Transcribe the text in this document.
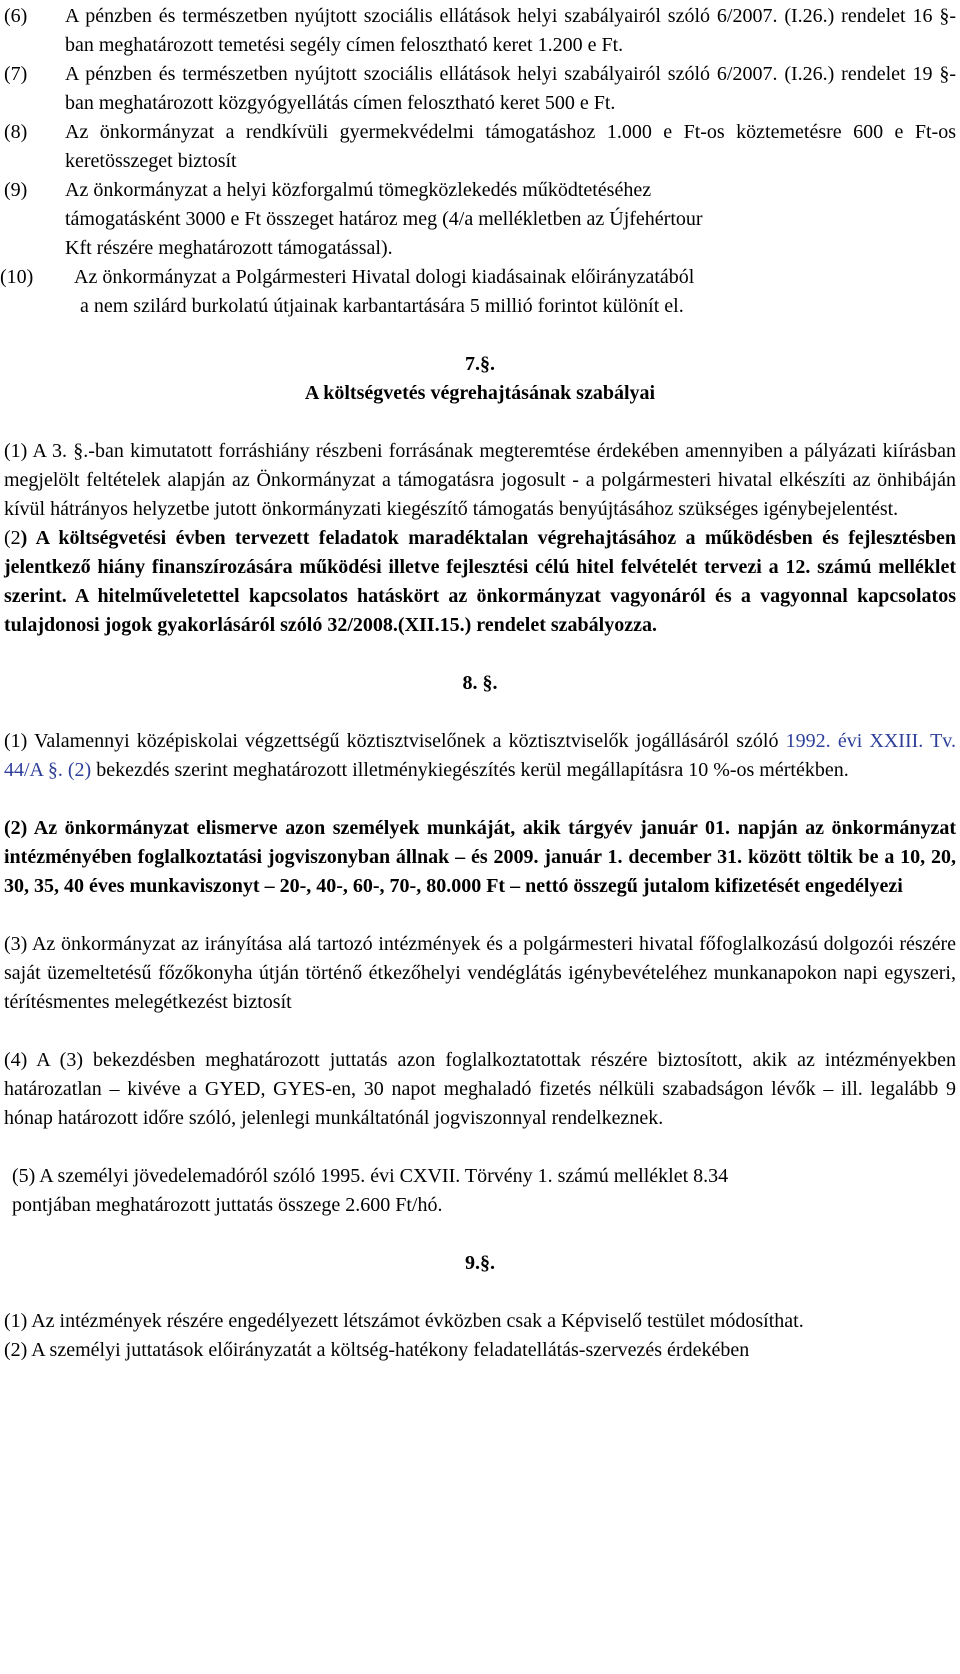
(6)	A pénzben és természetben nyújtott szociális ellátások helyi szabályairól szóló 6/2007. (I.26.) rendelet 16 §-ban meghatározott temetési segély címen felosztható keret 1.200 e Ft.
(7)	A pénzben és természetben nyújtott szociális ellátások helyi szabályairól szóló 6/2007. (I.26.) rendelet 19 §-ban meghatározott közgyógyellátás címen felosztható keret 500 e Ft.
(8)	Az önkormányzat a rendkívüli gyermekvédelmi támogatáshoz 1.000 e Ft-os köztemetésre 600 e Ft-os keretösszeget biztosít
(9) Az önkormányzat a helyi közforgalmú tömegközlekedés működtetéséhez
támogatásként 3000 e Ft összeget határoz meg (4/a mellékletben az Újfehértour
Kft részére meghatározott támogatással).
(10) Az önkormányzat a Polgármesteri Hivatal dologi kiadásainak előirányzatából
a nem szilárd burkolatú útjainak karbantartására 5 millió forintot különít el.
7.§.
A költségvetés végrehajtásának szabályai
(1) A 3. §.-ban kimutatott forráshiány részbeni forrásának megteremtése érdekében amennyiben a pályázati kiírásban megjelölt feltételek alapján az Önkormányzat a támogatásra jogosult - a polgármesteri hivatal elkészíti az önhibáján kívül hátrányos helyzetbe jutott önkormányzati kiegészítő támogatás benyújtásához szükséges igénybejelentést.
(2) A költségvetési évben tervezett feladatok maradéktalan végrehajtásához a működésben és fejlesztésben jelentkező hiány finanszírozására működési illetve fejlesztési célú hitel felvételét tervezi a 12. számú melléklet szerint. A hitelműveletettel kapcsolatos hatáskört az önkormányzat vagyonáról és a vagyonnal kapcsolatos tulajdonosi jogok gyakorlásáról szóló 32/2008.(XII.15.) rendelet szabályozza.
8. §.
(1) Valamennyi középiskolai végzettségű köztisztviselőnek a köztisztviselők jogállásáról szóló 1992. évi XXIII. Tv. 44/A §. (2) bekezdés szerint meghatározott illetménykiegészítés kerül megállapításra 10 %-os mértékben.
(2) Az önkormányzat elismerve azon személyek munkáját, akik tárgyév január 01. napján az önkormányzat intézményében foglalkoztatási jogviszonyban állnak – és 2009. január 1. december 31. között töltik be a 10, 20, 30, 35, 40 éves munkaviszonyt – 20-, 40-, 60-, 70-, 80.000 Ft – nettó összegű jutalom kifizetését engedélyezi
(3) Az önkormányzat az irányítása alá tartozó intézmények és a polgármesteri hivatal főfoglalkozású dolgozói részére saját üzemeltetésű főzőkonyha útján történő étkezőhelyi vendéglátás igénybevételéhez munkanapokon napi egyszeri, térítésmentes melegétkezést biztosít
(4) A (3) bekezdésben meghatározott juttatás azon foglalkoztatottak részére biztosított, akik az intézményekben határozatlan – kivéve a GYED, GYES-en, 30 napot meghaladó fizetés nélküli szabadságon lévők – ill. legalább 9 hónap határozott időre szóló, jelenlegi munkáltatónál jogviszonnyal rendelkeznek.
(5) A személyi jövedelemadóról szóló 1995. évi CXVII. Törvény 1. számú melléklet 8.34
pontjában meghatározott juttatás összege 2.600 Ft/hó.
9.§.
(1) Az intézmények részére engedélyezett létszámot évközben csak a Képviselő testület módosíthat.
(2) A személyi juttatások előirányzatát a költség-hatékony feladatellátás-szervezés érdekében
